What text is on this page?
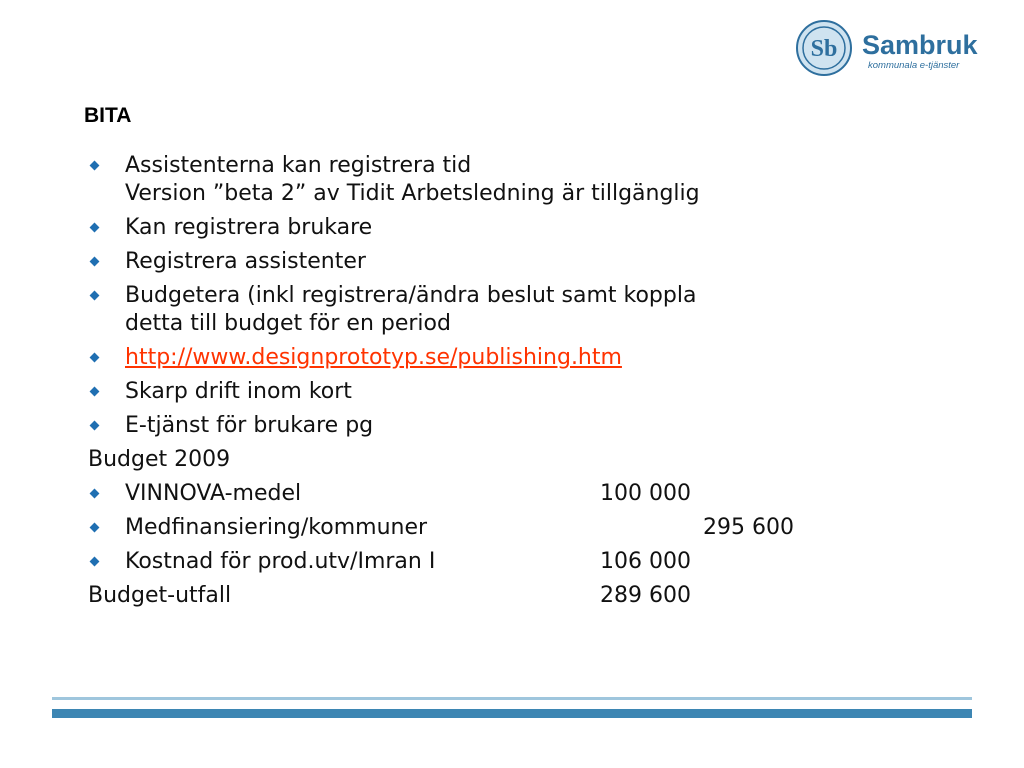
Sb Sambruk
kommunala e-tjänster
BITA
Assistenterna kan registrera tid
Version ”beta 2” av Tidit Arbetsledning är tillgänglig
Kan registrera brukare
Registrera assistenter
Budgetera (inkl registrera/ändra beslut samt koppla
detta till budget för en period
http://www.designprototyp.se/publishing.htm
Skarp drift inom kort
E-tjänst för brukare pg
Budget 2009
VINNOVA-medel	100 000
Medfinansiering/kommuner	295 600
Kostnad för prod.utv/Imran I	106 000
Budget-utfall	289 600
